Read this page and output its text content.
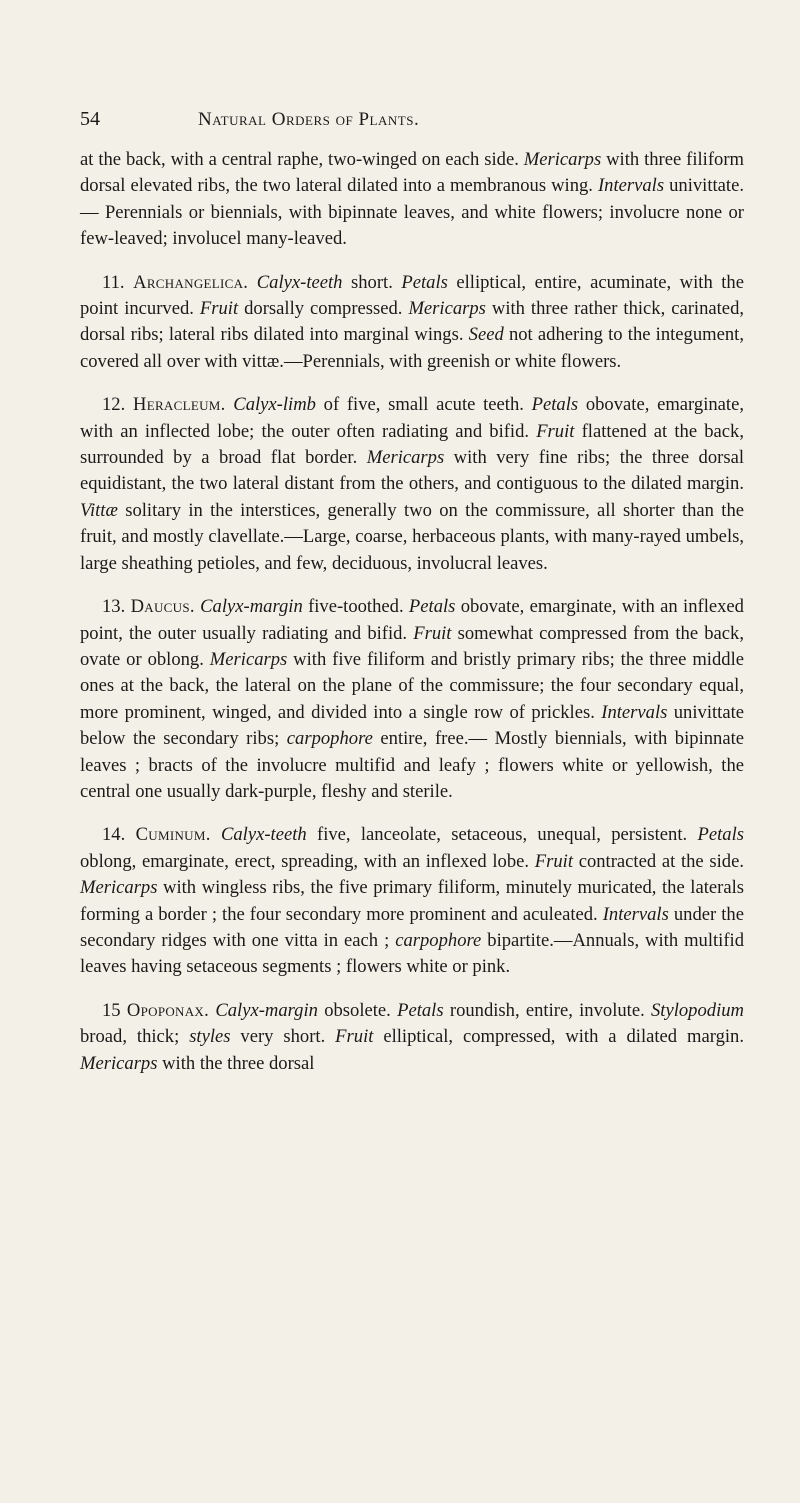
54	Natural Orders of Plants.

at the back, with a central raphe, two-winged on each side. Mericarps with three filiform dorsal elevated ribs, the two lateral dilated into a membranous wing. Intervals univittate. — Perennials or biennials, with bipinnate leaves, and white flowers; involucre none or few-leaved; involucel many-leaved.

11. Archangelica. Calyx-teeth short. Petals elliptical, entire, acuminate, with the point incurved. Fruit dorsally compressed. Mericarps with three rather thick, carinated, dorsal ribs; lateral ribs dilated into marginal wings. Seed not adhering to the integument, covered all over with vittæ.—Perennials, with greenish or white flowers.

12. Heracleum. Calyx-limb of five, small acute teeth. Petals obovate, emarginate, with an inflected lobe; the outer often radiating and bifid. Fruit flattened at the back, surrounded by a broad flat border. Mericarps with very fine ribs; the three dorsal equidistant, the two lateral distant from the others, and contiguous to the dilated margin. Vittæ solitary in the interstices, generally two on the commissure, all shorter than the fruit, and mostly clavellate.—Large, coarse, herbaceous plants, with many-rayed umbels, large sheathing petioles, and few, deciduous, involucral leaves.

13. Daucus. Calyx-margin five-toothed. Petals obovate, emarginate, with an inflexed point, the outer usually radiating and bifid. Fruit somewhat compressed from the back, ovate or oblong. Mericarps with five filiform and bristly primary ribs; the three middle ones at the back, the lateral on the plane of the commissure; the four secondary equal, more prominent, winged, and divided into a single row of prickles. Intervals univittate below the secondary ribs; carpophore entire, free.— Mostly biennials, with bipinnate leaves ; bracts of the involucre multifid and leafy ; flowers white or yellowish, the central one usually dark-purple, fleshy and sterile.

14. Cuminum. Calyx-teeth five, lanceolate, setaceous, unequal, persistent. Petals oblong, emarginate, erect, spreading, with an inflexed lobe. Fruit contracted at the side. Mericarps with wingless ribs, the five primary filiform, minutely muricated, the laterals forming a border ; the four secondary more prominent and aculeated. Intervals under the secondary ridges with one vitta in each ; carpophore bipartite.—Annuals, with multifid leaves having setaceous segments ; flowers white or pink.

15 Opoponax. Calyx-margin obsolete. Petals roundish, entire, involute. Stylopodium broad, thick; styles very short. Fruit elliptical, compressed, with a dilated margin. Mericarps with the three dorsal
